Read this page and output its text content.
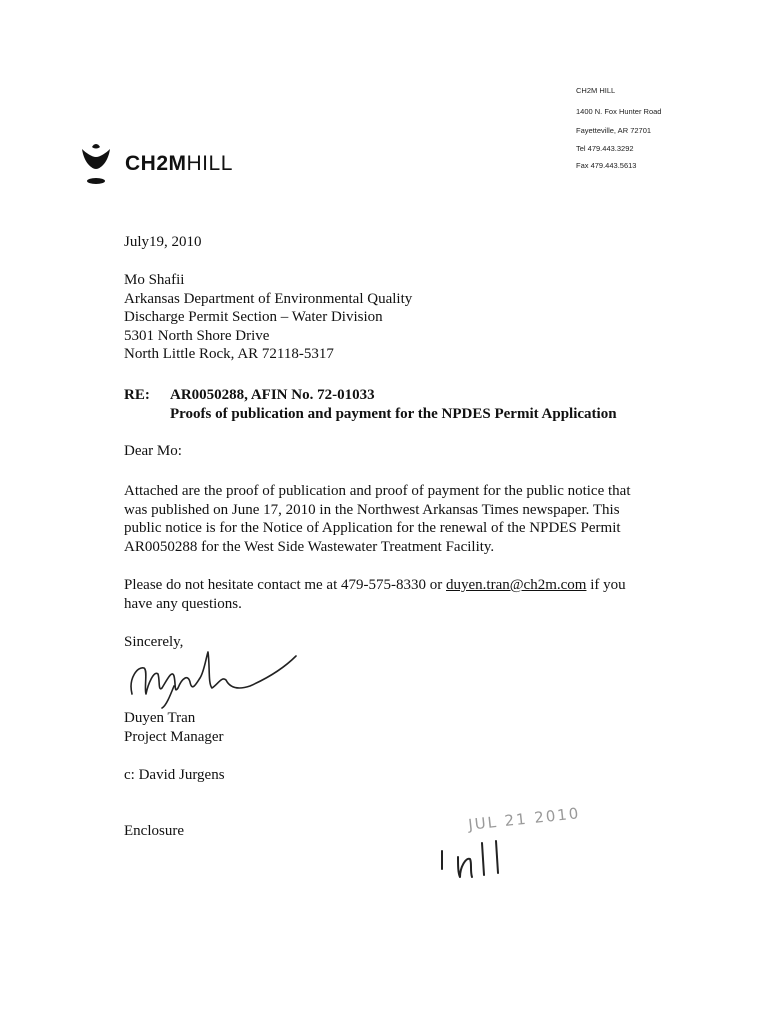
CH2M HILL
1400 N. Fox Hunter Road
Fayetteville, AR 72701
Tel 479.443.3292
Fax 479.443.5613
CH2MHILL
July19, 2010
Mo Shafii
Arkansas Department of Environmental Quality
Discharge Permit Section – Water Division
5301 North Shore Drive
North Little Rock, AR 72118-5317
RE: AR0050288, AFIN No. 72-01033
Proofs of publication and payment for the NPDES Permit Application
Dear Mo:
Attached are the proof of publication and proof of payment for the public notice that
was published on June 17, 2010 in the Northwest Arkansas Times newspaper. This
public notice is for the Notice of Application for the renewal of the NPDES Permit
AR0050288 for the West Side Wastewater Treatment Facility.
Please do not hesitate contact me at 479-575-8330 or duyen.tran@ch2m.com if you
have any questions.
Sincerely,
Duyen Tran
Project Manager
c: David Jurgens
Enclosure	JUL 21 2010
